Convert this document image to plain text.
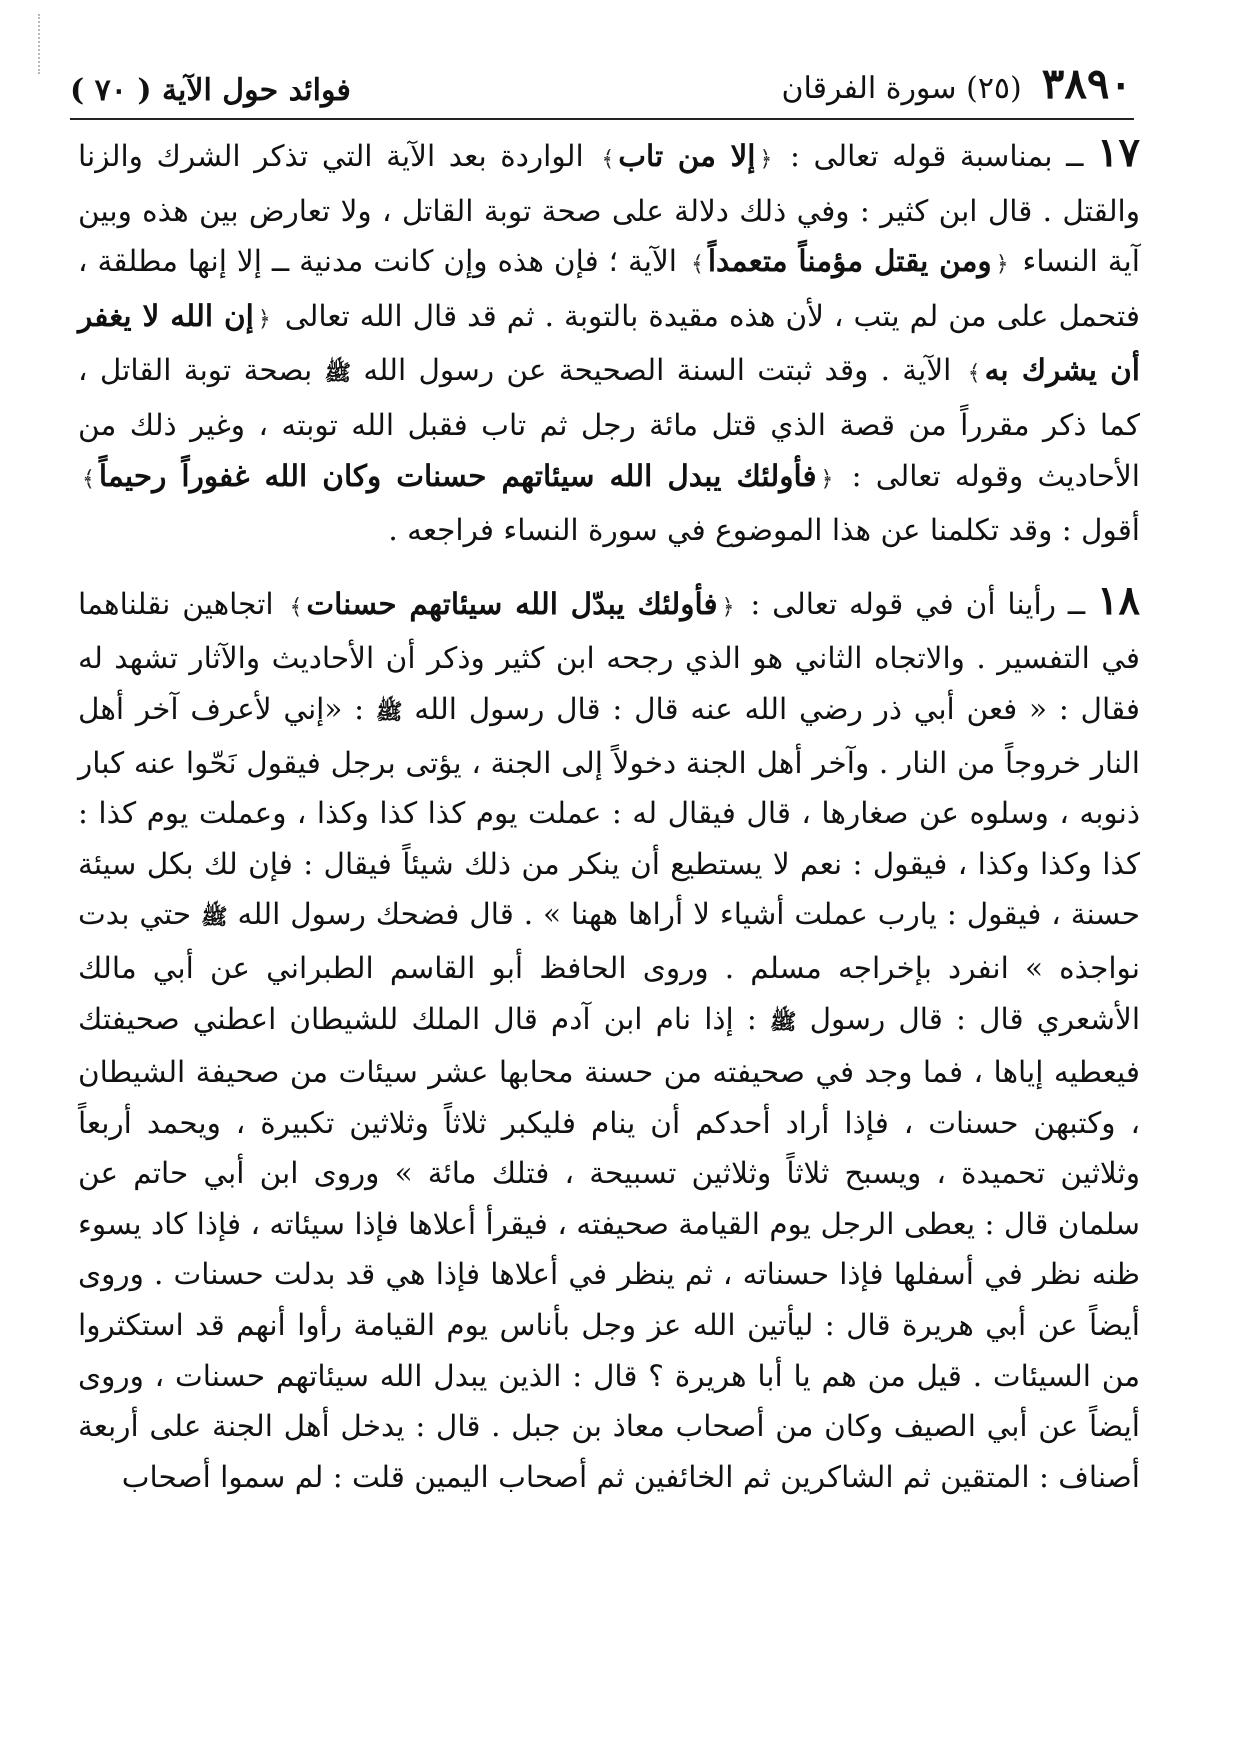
٣٨٩٠
(٢٥) سورة الفرقان
فوائد حول الآية ( ٧٠ )

١٧ ــ بمناسبة قوله تعالى : ﴿إلا من تاب﴾ الواردة بعد الآية التي تذكر الشرك والزنا والقتل . قال ابن كثير : وفي ذلك دلالة على صحة توبة القاتل ، ولا تعارض بين هذه وبين آية النساء ﴿ومن يقتل مؤمناً متعمداً﴾ الآية ؛ فإن هذه وإن كانت مدنية ــ إلا إنها مطلقة ، فتحمل على من لم يتب ، لأن هذه مقيدة بالتوبة . ثم قد قال الله تعالى ﴿إن الله لا يغفر أن يشرك به﴾ الآية . وقد ثبتت السنة الصحيحة عن رسول الله ﷺ بصحة توبة القاتل ، كما ذكر مقرراً من قصة الذي قتل مائة رجل ثم تاب فقبل الله توبته ، وغير ذلك من الأحاديث وقوله تعالى : ﴿فأولئك يبدل الله سيئاتهم حسنات وكان الله غفوراً رحيماً﴾ أقول : وقد تكلمنا عن هذا الموضوع في سورة النساء فراجعه .

١٨ ــ رأينا أن في قوله تعالى : ﴿فأولئك يبدّل الله سيئاتهم حسنات﴾ اتجاهين نقلناهما في التفسير . والاتجاه الثاني هو الذي رجحه ابن كثير وذكر أن الأحاديث والآثار تشهد له فقال : « فعن أبي ذر رضي الله عنه قال : قال رسول الله ﷺ : «إني لأعرف آخر أهل النار خروجاً من النار . وآخر أهل الجنة دخولاً إلى الجنة ، يؤتى برجل فيقول نَحّوا عنه كبار ذنوبه ، وسلوه عن صغارها ، قال فيقال له : عملت يوم كذا كذا وكذا ، وعملت يوم كذا : كذا وكذا وكذا ، فيقول : نعم لا يستطيع أن ينكر من ذلك شيئاً فيقال : فإن لك بكل سيئة حسنة ، فيقول : يارب عملت أشياء لا أراها ههنا » . قال فضحك رسول الله ﷺ حتي بدت نواجذه » انفرد بإخراجه مسلم . وروى الحافظ أبو القاسم الطبراني عن أبي مالك الأشعري قال : قال رسول ﷺ : إذا نام ابن آدم قال الملك للشيطان اعطني صحيفتك فيعطيه إياها ، فما وجد في صحيفته من حسنة محابها عشر سيئات من صحيفة الشيطان ، وكتبهن حسنات ، فإذا أراد أحدكم أن ينام فليكبر ثلاثاً وثلاثين تكبيرة ، ويحمد أربعاً وثلاثين تحميدة ، ويسبح ثلاثاً وثلاثين تسبيحة ، فتلك مائة » وروى ابن أبي حاتم عن سلمان قال : يعطى الرجل يوم القيامة صحيفته ، فيقرأ أعلاها فإذا سيئاته ، فإذا كاد يسوء ظنه نظر في أسفلها فإذا حسناته ، ثم ينظر في أعلاها فإذا هي قد بدلت حسنات . وروى أيضاً عن أبي هريرة قال : ليأتين الله عز وجل بأناس يوم القيامة رأوا أنهم قد استكثروا من السيئات . قيل من هم يا أبا هريرة ؟ قال : الذين يبدل الله سيئاتهم حسنات ، وروى أيضاً عن أبي الصيف وكان من أصحاب معاذ بن جبل . قال : يدخل أهل الجنة على أربعة أصناف : المتقين ثم الشاكرين ثم الخائفين ثم أصحاب اليمين قلت : لم سموا أصحاب
